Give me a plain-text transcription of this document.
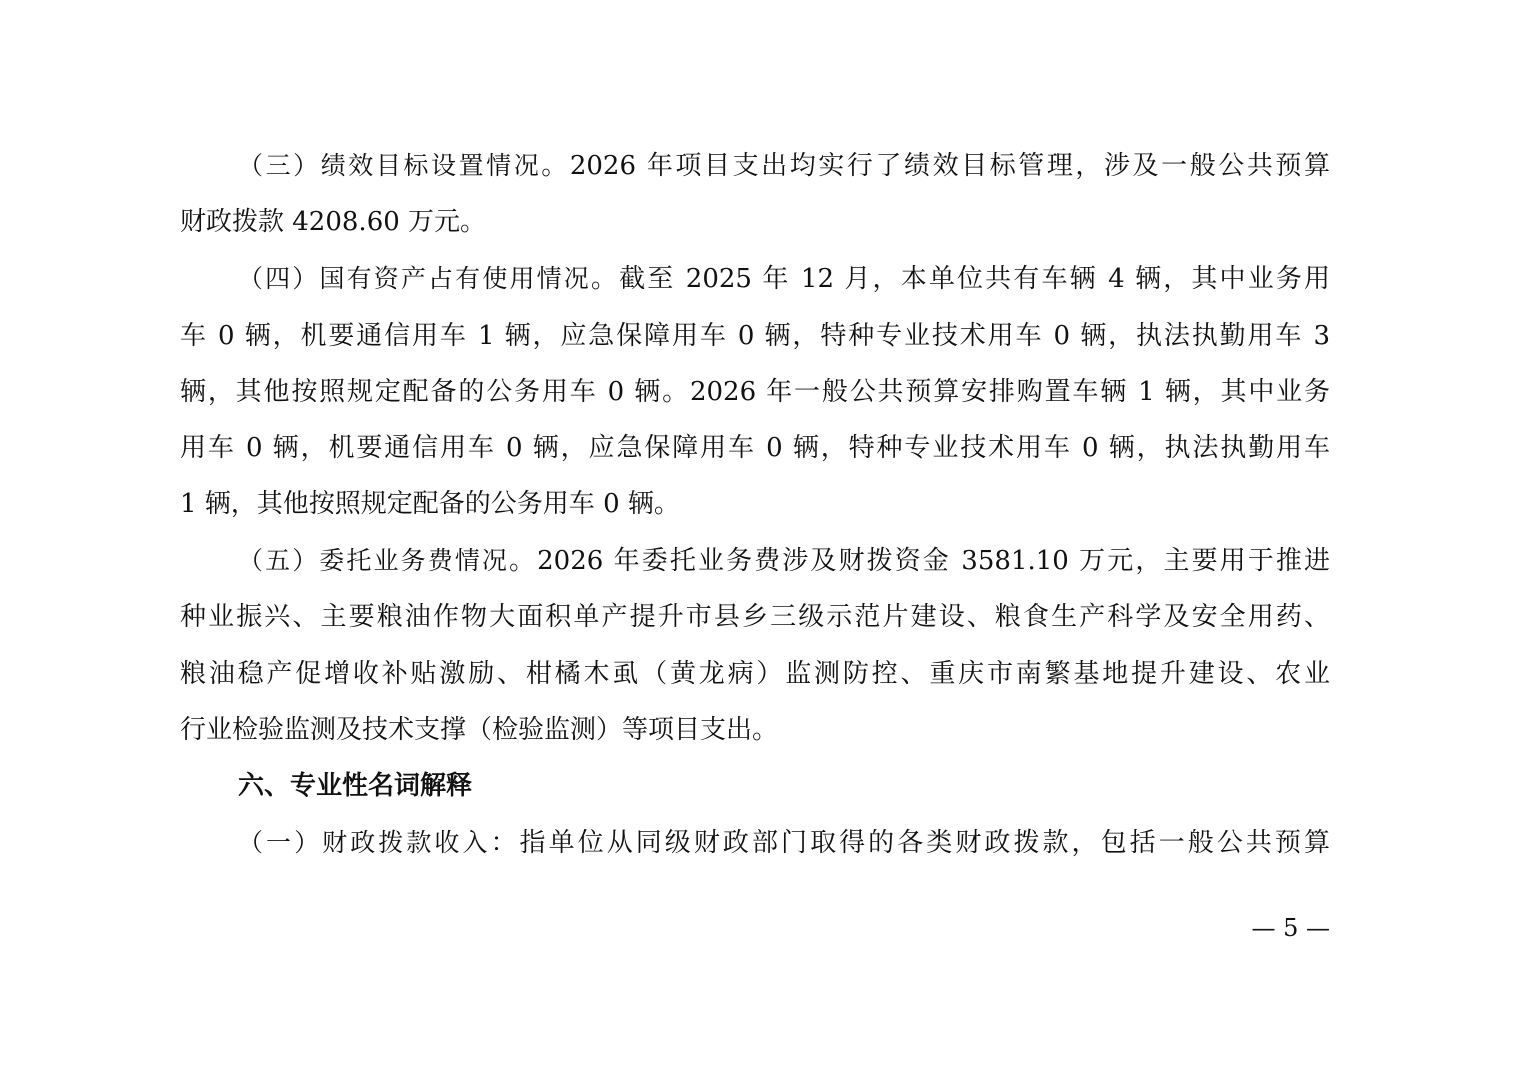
（三）绩效目标设置情况。2026 年项目支出均实行了绩效目标管理，涉及一般公共预算
财政拨款 4208.60 万元。
（四）国有资产占有使用情况。截至 2025 年 12 月，本单位共有车辆 4 辆，其中业务用
车 0 辆，机要通信用车 1 辆，应急保障用车 0 辆，特种专业技术用车 0 辆，执法执勤用车 3
辆，其他按照规定配备的公务用车 0 辆。2026 年一般公共预算安排购置车辆 1 辆，其中业务
用车 0 辆，机要通信用车 0 辆，应急保障用车 0 辆，特种专业技术用车 0 辆，执法执勤用车
1 辆，其他按照规定配备的公务用车 0 辆。
（五）委托业务费情况。2026 年委托业务费涉及财拨资金 3581.10 万元，主要用于推进
种业振兴、主要粮油作物大面积单产提升市县乡三级示范片建设、粮食生产科学及安全用药、
粮油稳产促增收补贴激励、柑橘木虱（黄龙病）监测防控、重庆市南繁基地提升建设、农业
行业检验监测及技术支撑（检验监测）等项目支出。
六、专业性名词解释
（一）财政拨款收入：指单位从同级财政部门取得的各类财政拨款，包括一般公共预算
— 5 —
